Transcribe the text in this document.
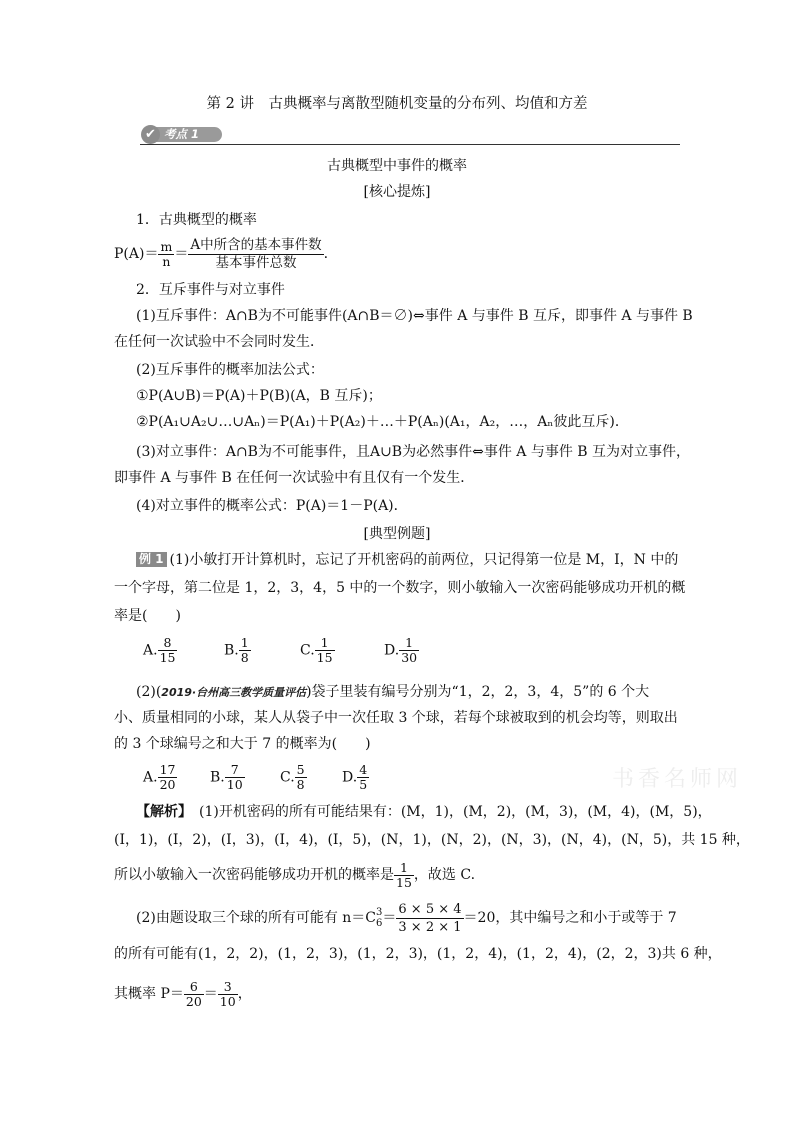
第 2 讲　古典概率与离散型随机变量的分布列、均值和方差
考点 1
✔
古典概型中事件的概率
[核心提炼]
1．古典概型的概率
$P(A)= \frac{m}{n} = \frac{\text{A中所含的基本事件数}}{\text{基本事件总数}}$ .
2．互斥事件与对立事件
(1)互斥事件：A∩B为不可能事件(A∩B＝∅)⇔事件 A 与事件 B 互斥，即事件 A 与事件 B
在任何一次试验中不会同时发生．
(2)互斥事件的概率加法公式：
①P(A∪B)＝P(A)＋P(B)(A，B 互斥)；
②P(A₁∪A₂∪…∪Aₙ)＝P(A₁)＋P(A₂)＋…＋P(Aₙ)(A₁，A₂，…，Aₙ彼此互斥)．
(3)对立事件：A∩B为不可能事件，且A∪B为必然事件⇔事件 A 与事件 B 互为对立事件，
即事件 A 与事件 B 在任何一次试验中有且仅有一个发生．
(4)对立事件的概率公式：P(A)＝1－P(A)．
[典型例题]
例 1 (1)小敏打开计算机时，忘记了开机密码的前两位，只记得第一位是 M，I，N 中的
一个字母，第二位是 1，2，3，4，5 中的一个数字，则小敏输入一次密码能够成功开机的概
率是(　　)
A. $\frac{8}{15}$	B. $\frac{1}{8}$	C. $\frac{1}{15}$	D. $\frac{1}{30}$
(2)(2019·台州高三教学质量评估)袋子里装有编号分别为“1，2，2，3，4，5”的 6 个大
小、质量相同的小球，某人从袋子中一次任取 3 个球，若每个球被取到的机会均等，则取出
的 3 个球编号之和大于 7 的概率为(　　)
A. $\frac{17}{20} B$. $\frac{7}{10}$	C. $\frac{5}{8}$	D. $\frac{4}{5}$	书香名师网
【解析】　(1)开机密码的所有可能结果有：(M，1)，(M，2)，(M，3)，(M，4)，(M，5)，
(I，1)，(I，2)，(I，3)，(I，4)，(I，5)，(N，1)，(N，2)，(N，3)，(N，4)，(N，5)，共 15 种，
所以小敏输入一次密码能够成功开机的概率是 $\frac{1}{15}$ ，故选 C.
(2)由题设取三个球的所有可能有 n＝C 3
$6 = \frac{6 \times 5 \times 4}{3 \times 2 \times 1} =20$，其中编号之和小于或等于 7
的所有可能有(1，2，2)，(1，2，3)，(1，2，3)，(1，2，4)，(1，2，4)，(2，2，3)共 6 种，
其概率 $P= \frac{6}{20} = \frac{3}{10}$ ，
